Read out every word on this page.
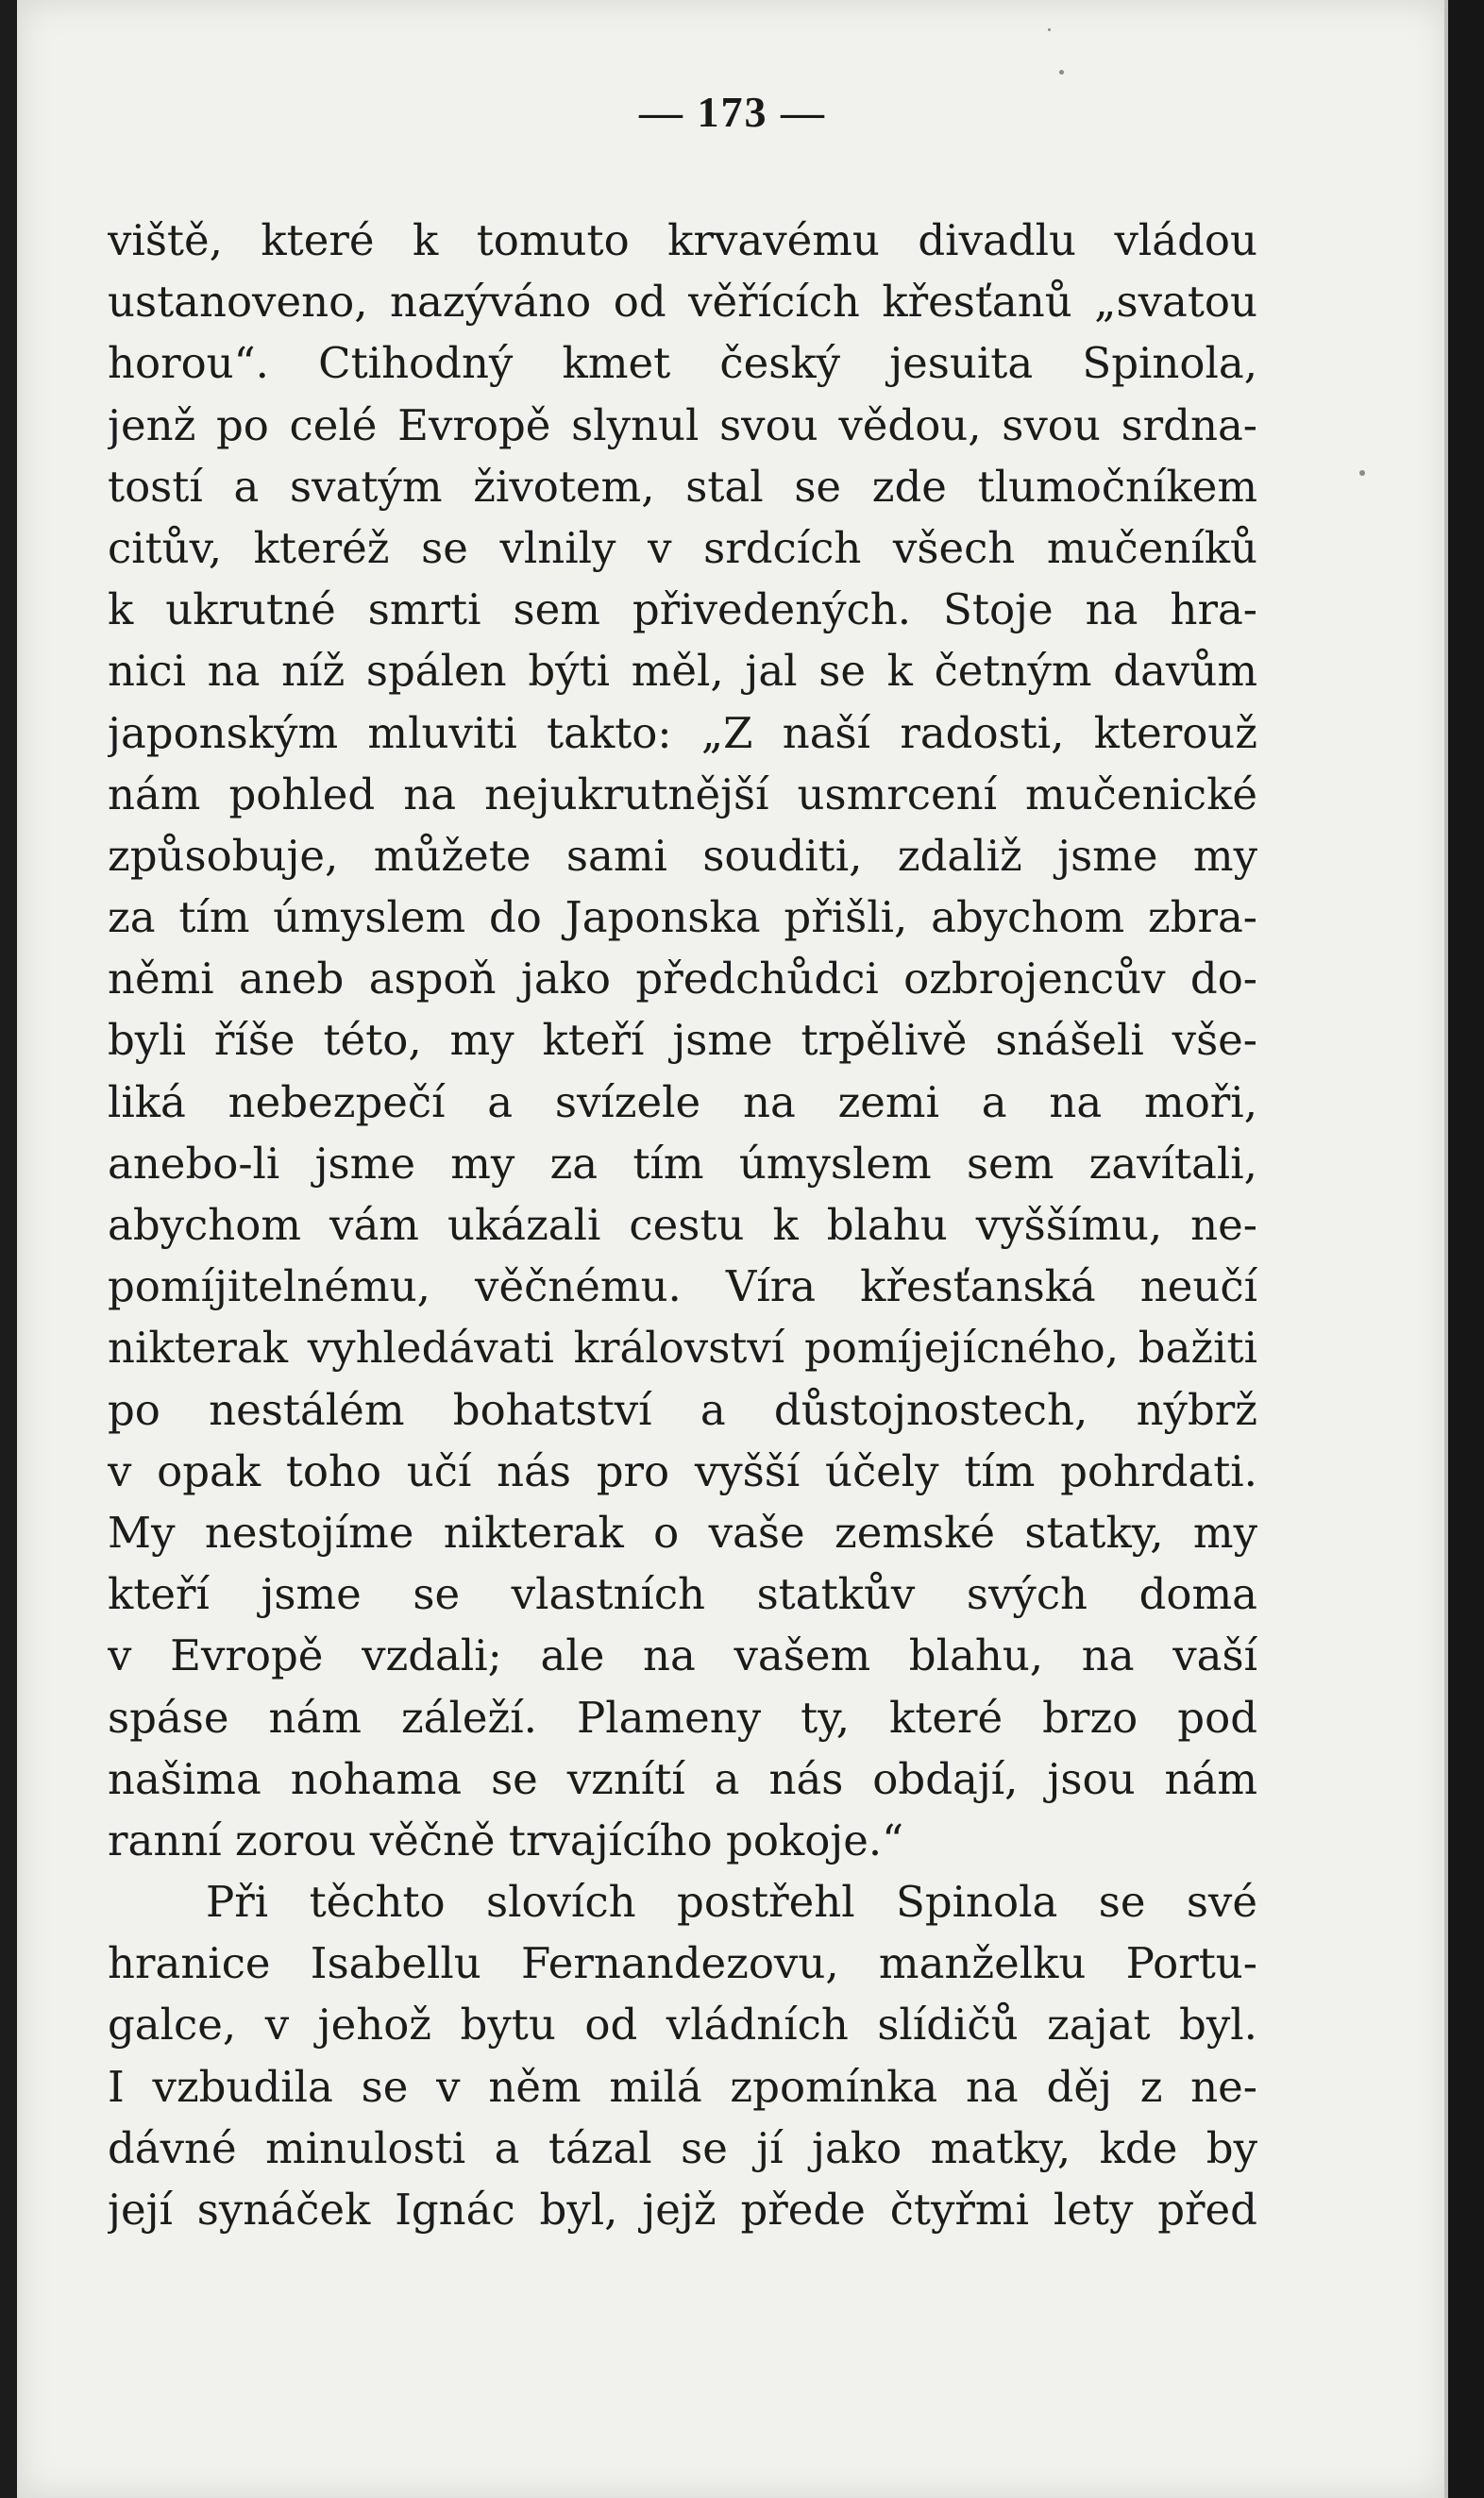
— 173 —
viště, které k tomuto krvavému divadlu vládou
ustanoveno, nazýváno od věřících křesťanů „svatou
horou“. Ctihodný kmet český jesuita Spinola,
jenž po celé Evropě slynul svou vědou, svou srdna-
tostí a svatým životem, stal se zde tlumočníkem
citův, kteréž se vlnily v srdcích všech mučeníků
k ukrutné smrti sem přivedených. Stoje na hra-
nici na níž spálen býti měl, jal se k četným davům
japonským mluviti takto: „Z naší radosti, kterouž
nám pohled na nejukrutnější usmrcení mučenické
způsobuje, můžete sami souditi, zdaliž jsme my
za tím úmyslem do Japonska přišli, abychom zbra-
němi aneb aspoň jako předchůdci ozbrojencův do-
byli říše této, my kteří jsme trpělivě snášeli vše-
liká nebezpečí a svízele na zemi a na moři,
anebo-li jsme my za tím úmyslem sem zavítali,
abychom vám ukázali cestu k blahu vyššímu, ne-
pomíjitelnému, věčnému. Víra křesťanská neučí
nikterak vyhledávati království pomíjejícného, bažiti
po nestálém bohatství a důstojnostech, nýbrž
v opak toho učí nás pro vyšší účely tím pohrdati.
My nestojíme nikterak o vaše zemské statky, my
kteří jsme se vlastních statkův svých doma
v Evropě vzdali; ale na vašem blahu, na vaší
spáse nám záleží. Plameny ty, které brzo pod
našima nohama se vznítí a nás obdají, jsou nám
ranní zorou věčně trvajícího pokoje.“
Při těchto slovích postřehl Spinola se své
hranice Isabellu Fernandezovu, manželku Portu-
galce, v jehož bytu od vládních slídičů zajat byl.
I vzbudila se v něm milá zpomínka na děj z ne-
dávné minulosti a tázal se jí jako matky, kde by
její synáček Ignác byl, jejž přede čtyřmi lety před
